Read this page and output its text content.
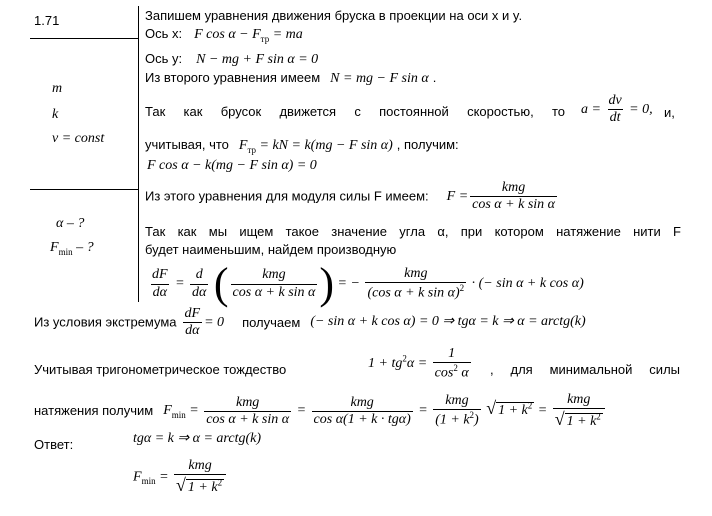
1.71
m
k
v = const
α – ?
$F_{min}$ – ?
Запишем уравнения движения бруска в проекции на оси x и y.
Ось x: F $\cos \alpha - F_{тр}$ = ma
Ось y: N − mg + F sin α = 0
Из второго уравнения имеем N = mg − F sin α .
Так как брусок движется с постоянной скоростью, то $a = \frac{dv}{dt} = 0$, и,
учитывая, что $F_{тр}$ = kN = k(mg − F sin α) , получим:
F cos α − k(mg − F sin α) = 0
Из этого уравнения для модуля силы F имеем: $F = \frac{\text{kmg}}{\text{cos α + k sin α}}$
Так как мы ищем такое значение угла α, при котором натяжение нити F
будет наименьшим, найдем производную
$\frac{dF}{d\alpha} = \frac{d}{d\alpha}$ ( $\frac{\text{kmg}}{\text{cos α + k sin α}}$ ) = − $\frac{\text{kmg}}{(\cos \alpha + k \sin \alpha)^2}$ · (− sin α + k cos α)
Из условия экстремума $\frac{dF}{d\alpha} = 0$ получаем (− sin α + k cos α) = 0 ⇒ tgα = k ⇒ α = arctg(k)
Учитывая тригонометрическое тождество	$1 + tg^2\alpha = \frac{1}{\cos^2 \alpha}$ , для минимальной силы
натяжения получим $F_{min} = \frac{\text{kmg}}{\text{cos α + k sin α}} = \frac{\text{kmg}}{\text{cos α(1 + k · tgα)}} = \frac{\text{kmg}}{(1 + k^2)}$ √ $1 + k^2 = \frac{\text{kmg}}{√ 1 + k^2}$
Ответ:	tgα = k ⇒ α = arctg(k)
$F_{min} = \frac{\text{kmg}}{√ 1 + k^2}$
